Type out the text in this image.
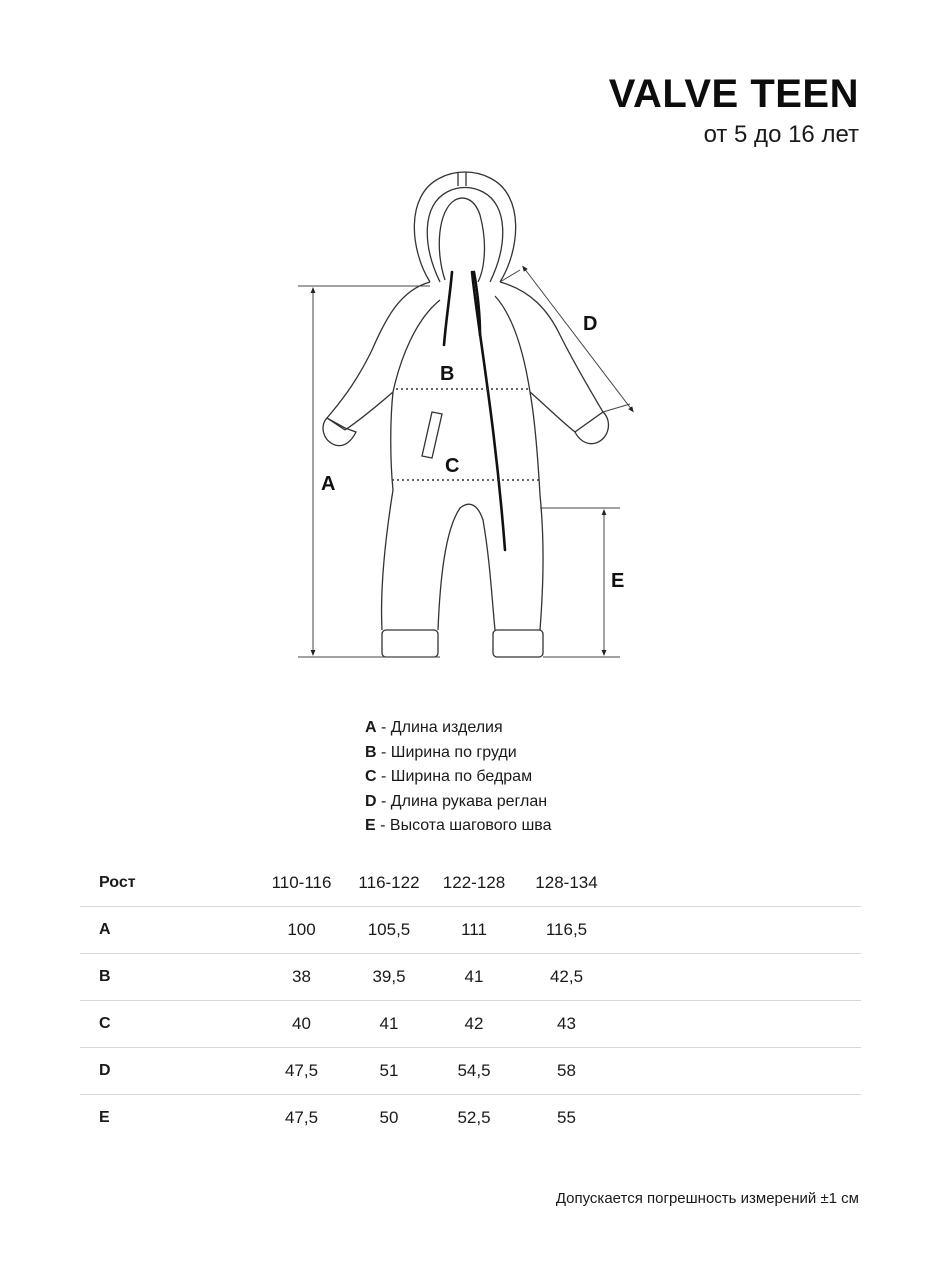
VALVE TEEN
от 5 до 16 лет
A
B
C
D
E
A - Длина изделия
B - Ширина по груди
C - Ширина по бедрам
D - Длина рукава реглан
E - Высота шагового шва
Рост	110-116	116-122	122-128	128-134	
A	100	105,5	111	116,5	
B	38	39,5	41	42,5	
C	40	41	42	43	
D	47,5	51	54,5	58	
E	47,5	50	52,5	55	
Допускается погрешность измерений ±1 см
